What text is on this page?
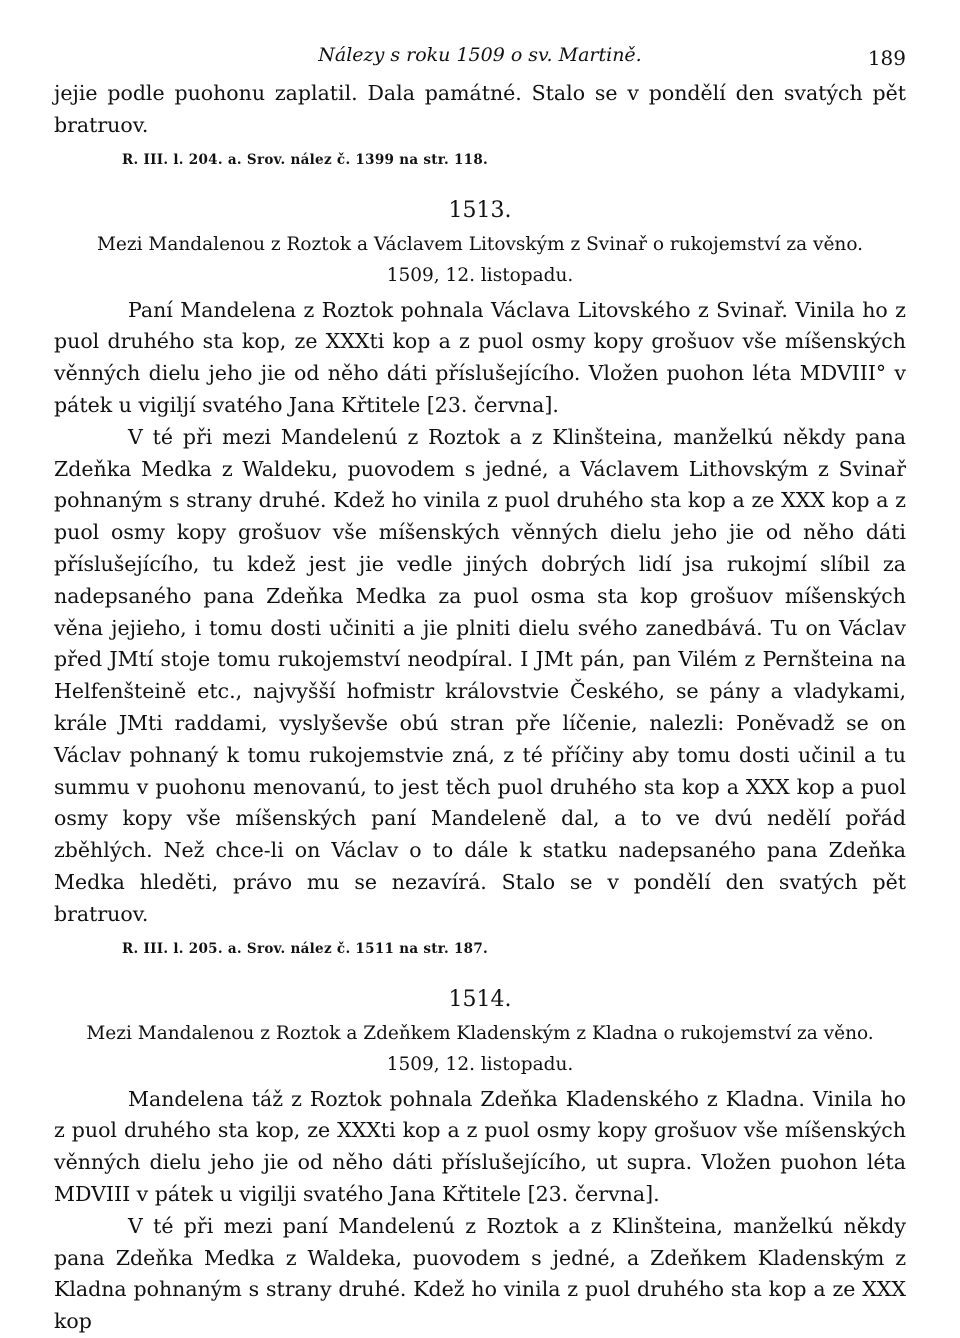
Nálezy s roku 1509 o sv. Martině.	189

jejie podle puohonu zaplatil. Dala památné. Stalo se v pondělí den svatých pět bratruov.

R. III. l. 204. a. Srov. nález č. 1399 na str. 118.
1513.
Mezi Mandalenou z Roztok a Václavem Litovským z Svinař o rukojemství za věno.
1509, 12. listopadu.

Paní Mandelena z Roztok pohnala Václava Litovského z Svinař. Vinila ho z puol druhého sta kop, ze XXXti kop a z puol osmy kopy grošuov vše míšenských věnných dielu jeho jie od něho dáti příslušejícího. Vložen puohon léta MDVIII° v pátek u vigiljí svatého Jana Křtitele [23. června].

V té při mezi Mandelenú z Roztok a z Klinšteina, manželkú někdy pana Zdeňka Medka z Waldeku, puovodem s jedné, a Václavem Lithovským z Svinař pohnaným s strany druhé. Kdež ho vinila z puol druhého sta kop a ze XXX kop a z puol osmy kopy grošuov vše míšenských věnných dielu jeho jie od něho dáti příslušejícího, tu kdež jest jie vedle jiných dobrých lidí jsa rukojmí slíbil za nadepsaného pana Zdeňka Medka za puol osma sta kop grošuov míšenských věna jejieho, i tomu dosti učiniti a jie plniti dielu svého zanedbává. Tu on Václav před JMtí stoje tomu rukojemství neodpíral. I JMt pán, pan Vilém z Pernšteina na Helfenšteině etc., najvyšší hofmistr královstvie Českého, se pány a vladykami, krále JMti raddami, vyslyševše obú stran pře líčenie, nalezli: Poněvadž se on Václav pohnaný k tomu rukojemstvie zná, z té příčiny aby tomu dosti učinil a tu summu v puohonu menovanú, to jest těch puol druhého sta kop a XXX kop a puol osmy kopy vše míšenských paní Mandeleně dal, a to ve dvú nedělí pořád zběhlých. Než chce-li on Václav o to dále k statku nadepsaného pana Zdeňka Medka hleděti, právo mu se nezavírá. Stalo se v pondělí den svatých pět bratruov.

R. III. l. 205. a. Srov. nález č. 1511 na str. 187.
1514.
Mezi Mandalenou z Roztok a Zdeňkem Kladenským z Kladna o rukojemství za věno.
1509, 12. listopadu.

Mandelena táž z Roztok pohnala Zdeňka Kladenského z Kladna. Vinila ho z puol druhého sta kop, ze XXXti kop a z puol osmy kopy grošuov vše míšenských věnných dielu jeho jie od něho dáti příslušejícího, ut supra. Vložen puohon léta MDVIII v pátek u vigilji svatého Jana Křtitele [23. června].

V té při mezi paní Mandelenú z Roztok a z Klinšteina, manželkú někdy pana Zdeňka Medka z Waldeka, puovodem s jedné, a Zdeňkem Kladenským z Kladna pohnaným s strany druhé. Kdež ho vinila z puol druhého sta kop a ze XXX kop
